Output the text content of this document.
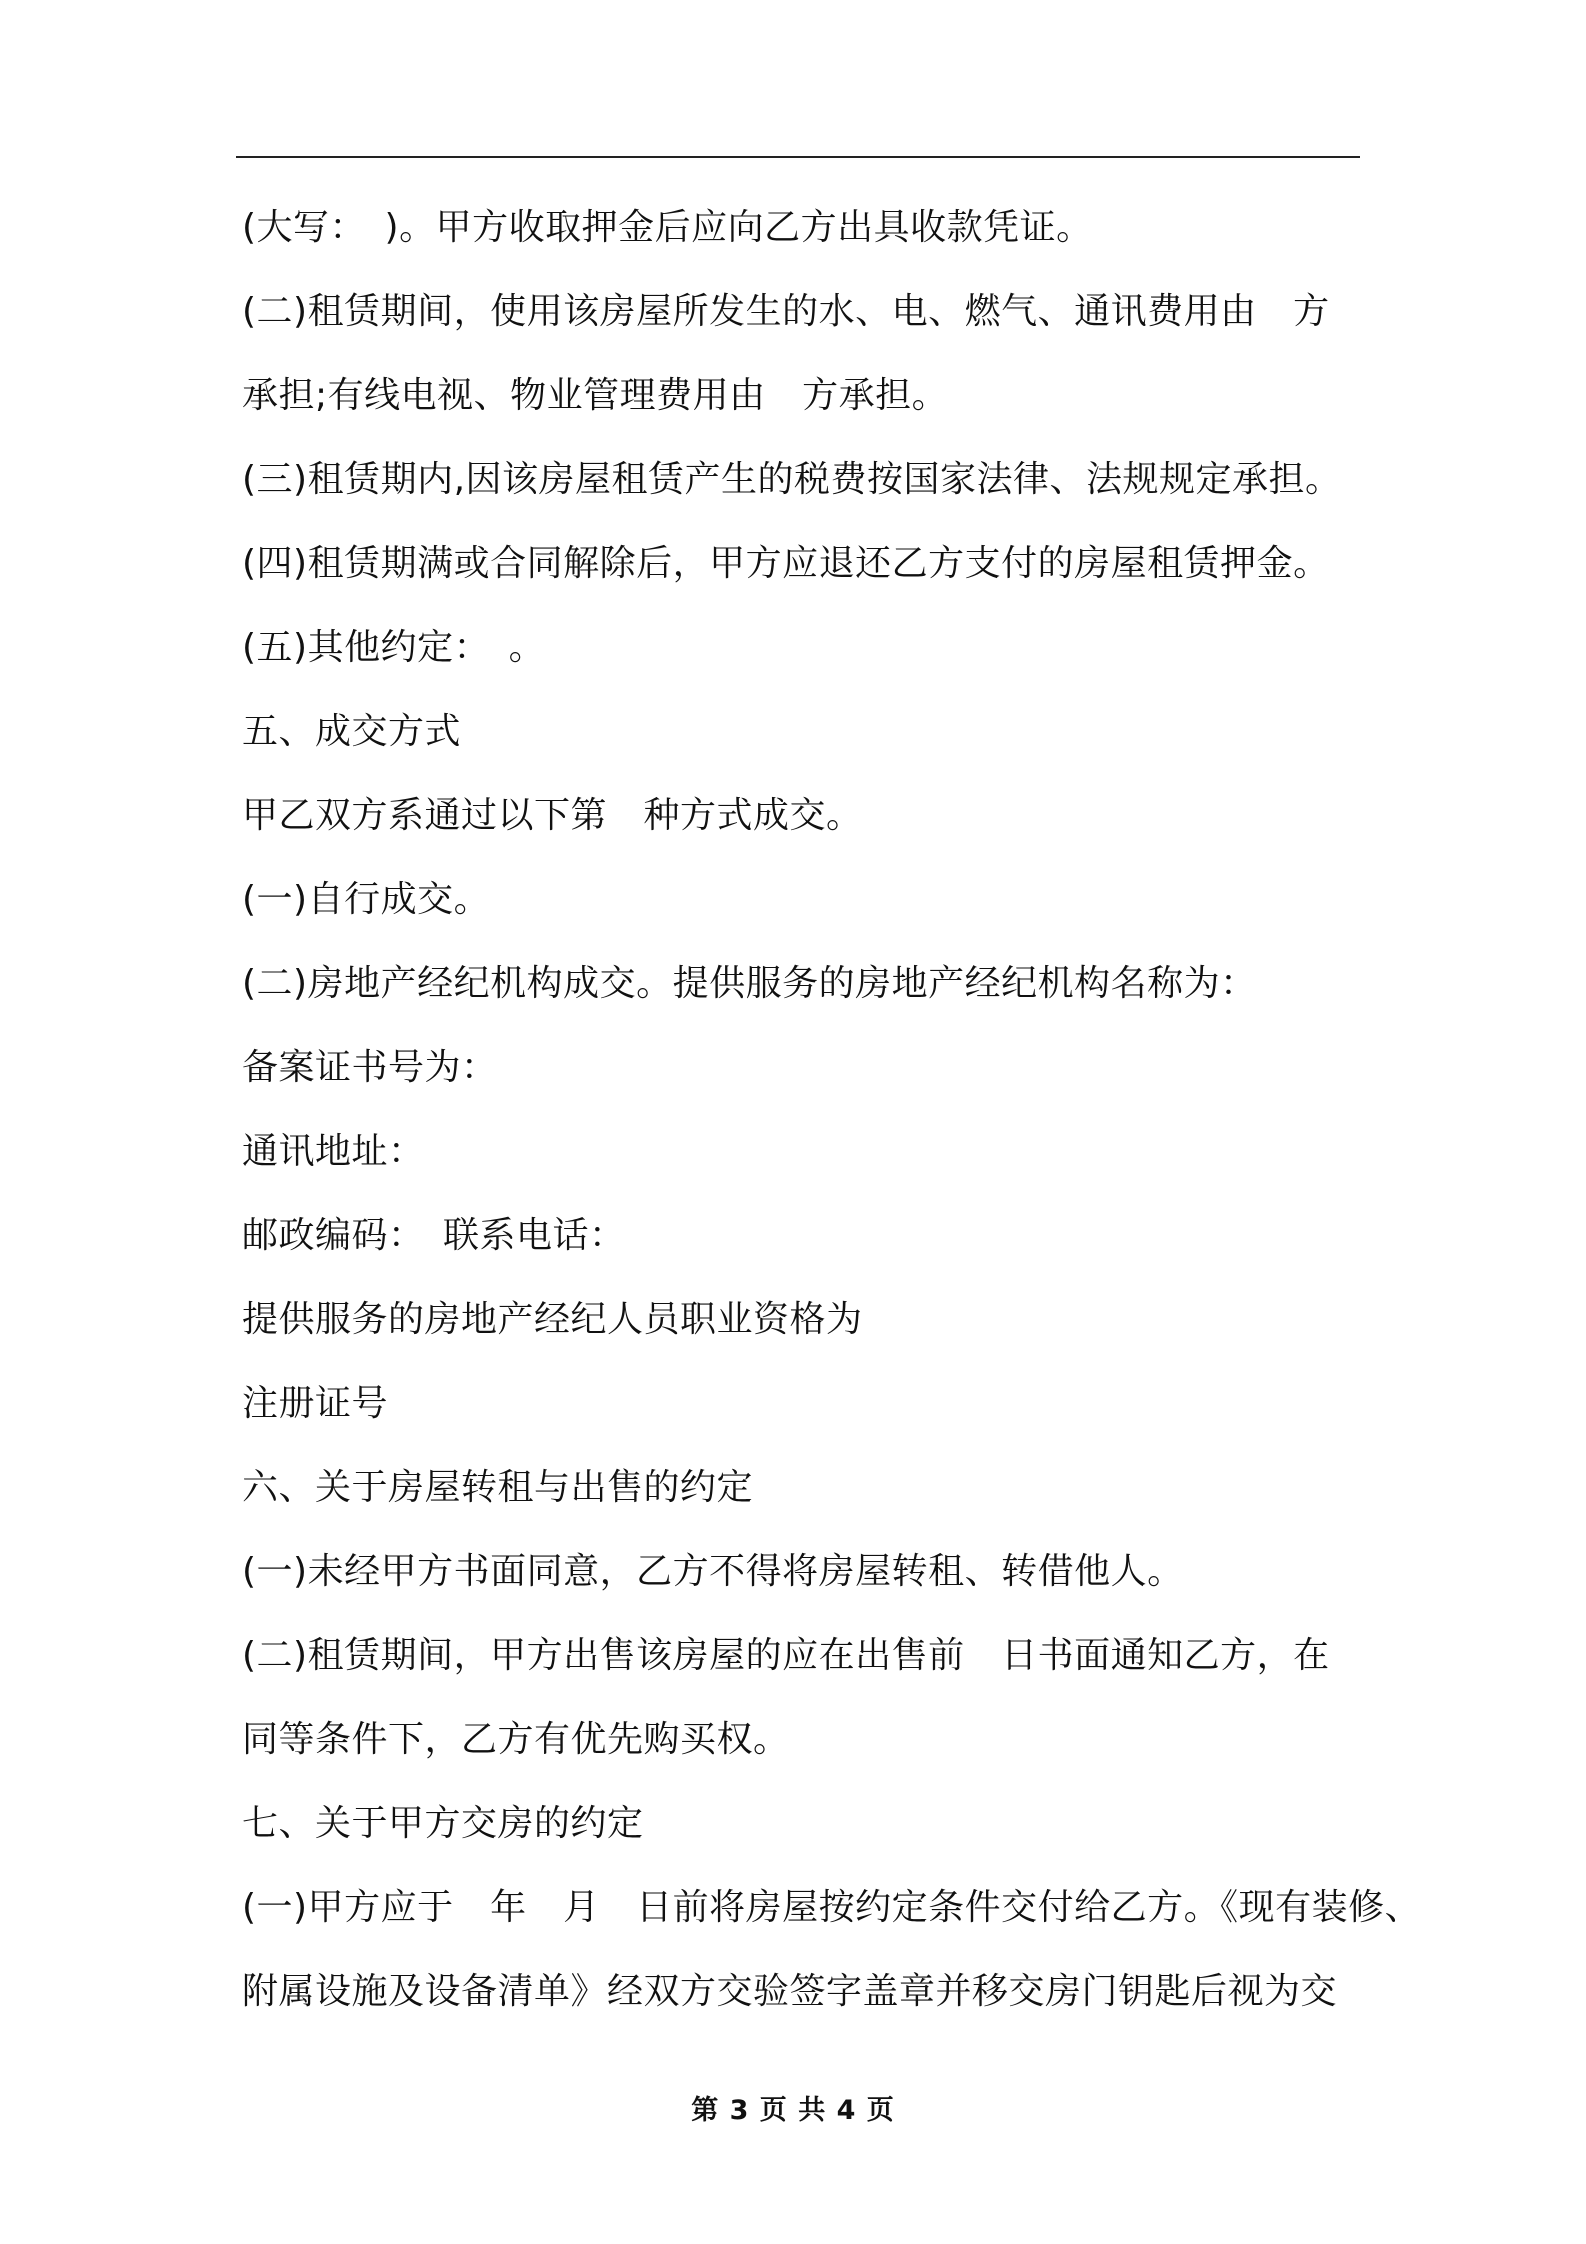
(大写：　)。甲方收取押金后应向乙方出具收款凭证。
(二)租赁期间，使用该房屋所发生的水、电、燃气、通讯费用由　方
承担;有线电视、物业管理费用由　方承担。
(三)租赁期内,因该房屋租赁产生的税费按国家法律、法规规定承担。
(四)租赁期满或合同解除后，甲方应退还乙方支付的房屋租赁押金。
(五)其他约定：　。
五、成交方式
甲乙双方系通过以下第　种方式成交。
(一)自行成交。
(二)房地产经纪机构成交。提供服务的房地产经纪机构名称为：
备案证书号为：
通讯地址：
邮政编码：　联系电话：
提供服务的房地产经纪人员职业资格为
注册证号
六、关于房屋转租与出售的约定
(一)未经甲方书面同意，乙方不得将房屋转租、转借他人。
(二)租赁期间，甲方出售该房屋的应在出售前　日书面通知乙方，在
同等条件下，乙方有优先购买权。
七、关于甲方交房的约定
(一)甲方应于　年　月　日前将房屋按约定条件交付给乙方。《现有装修、
附属设施及设备清单》经双方交验签字盖章并移交房门钥匙后视为交
第 3 页 共 4 页
